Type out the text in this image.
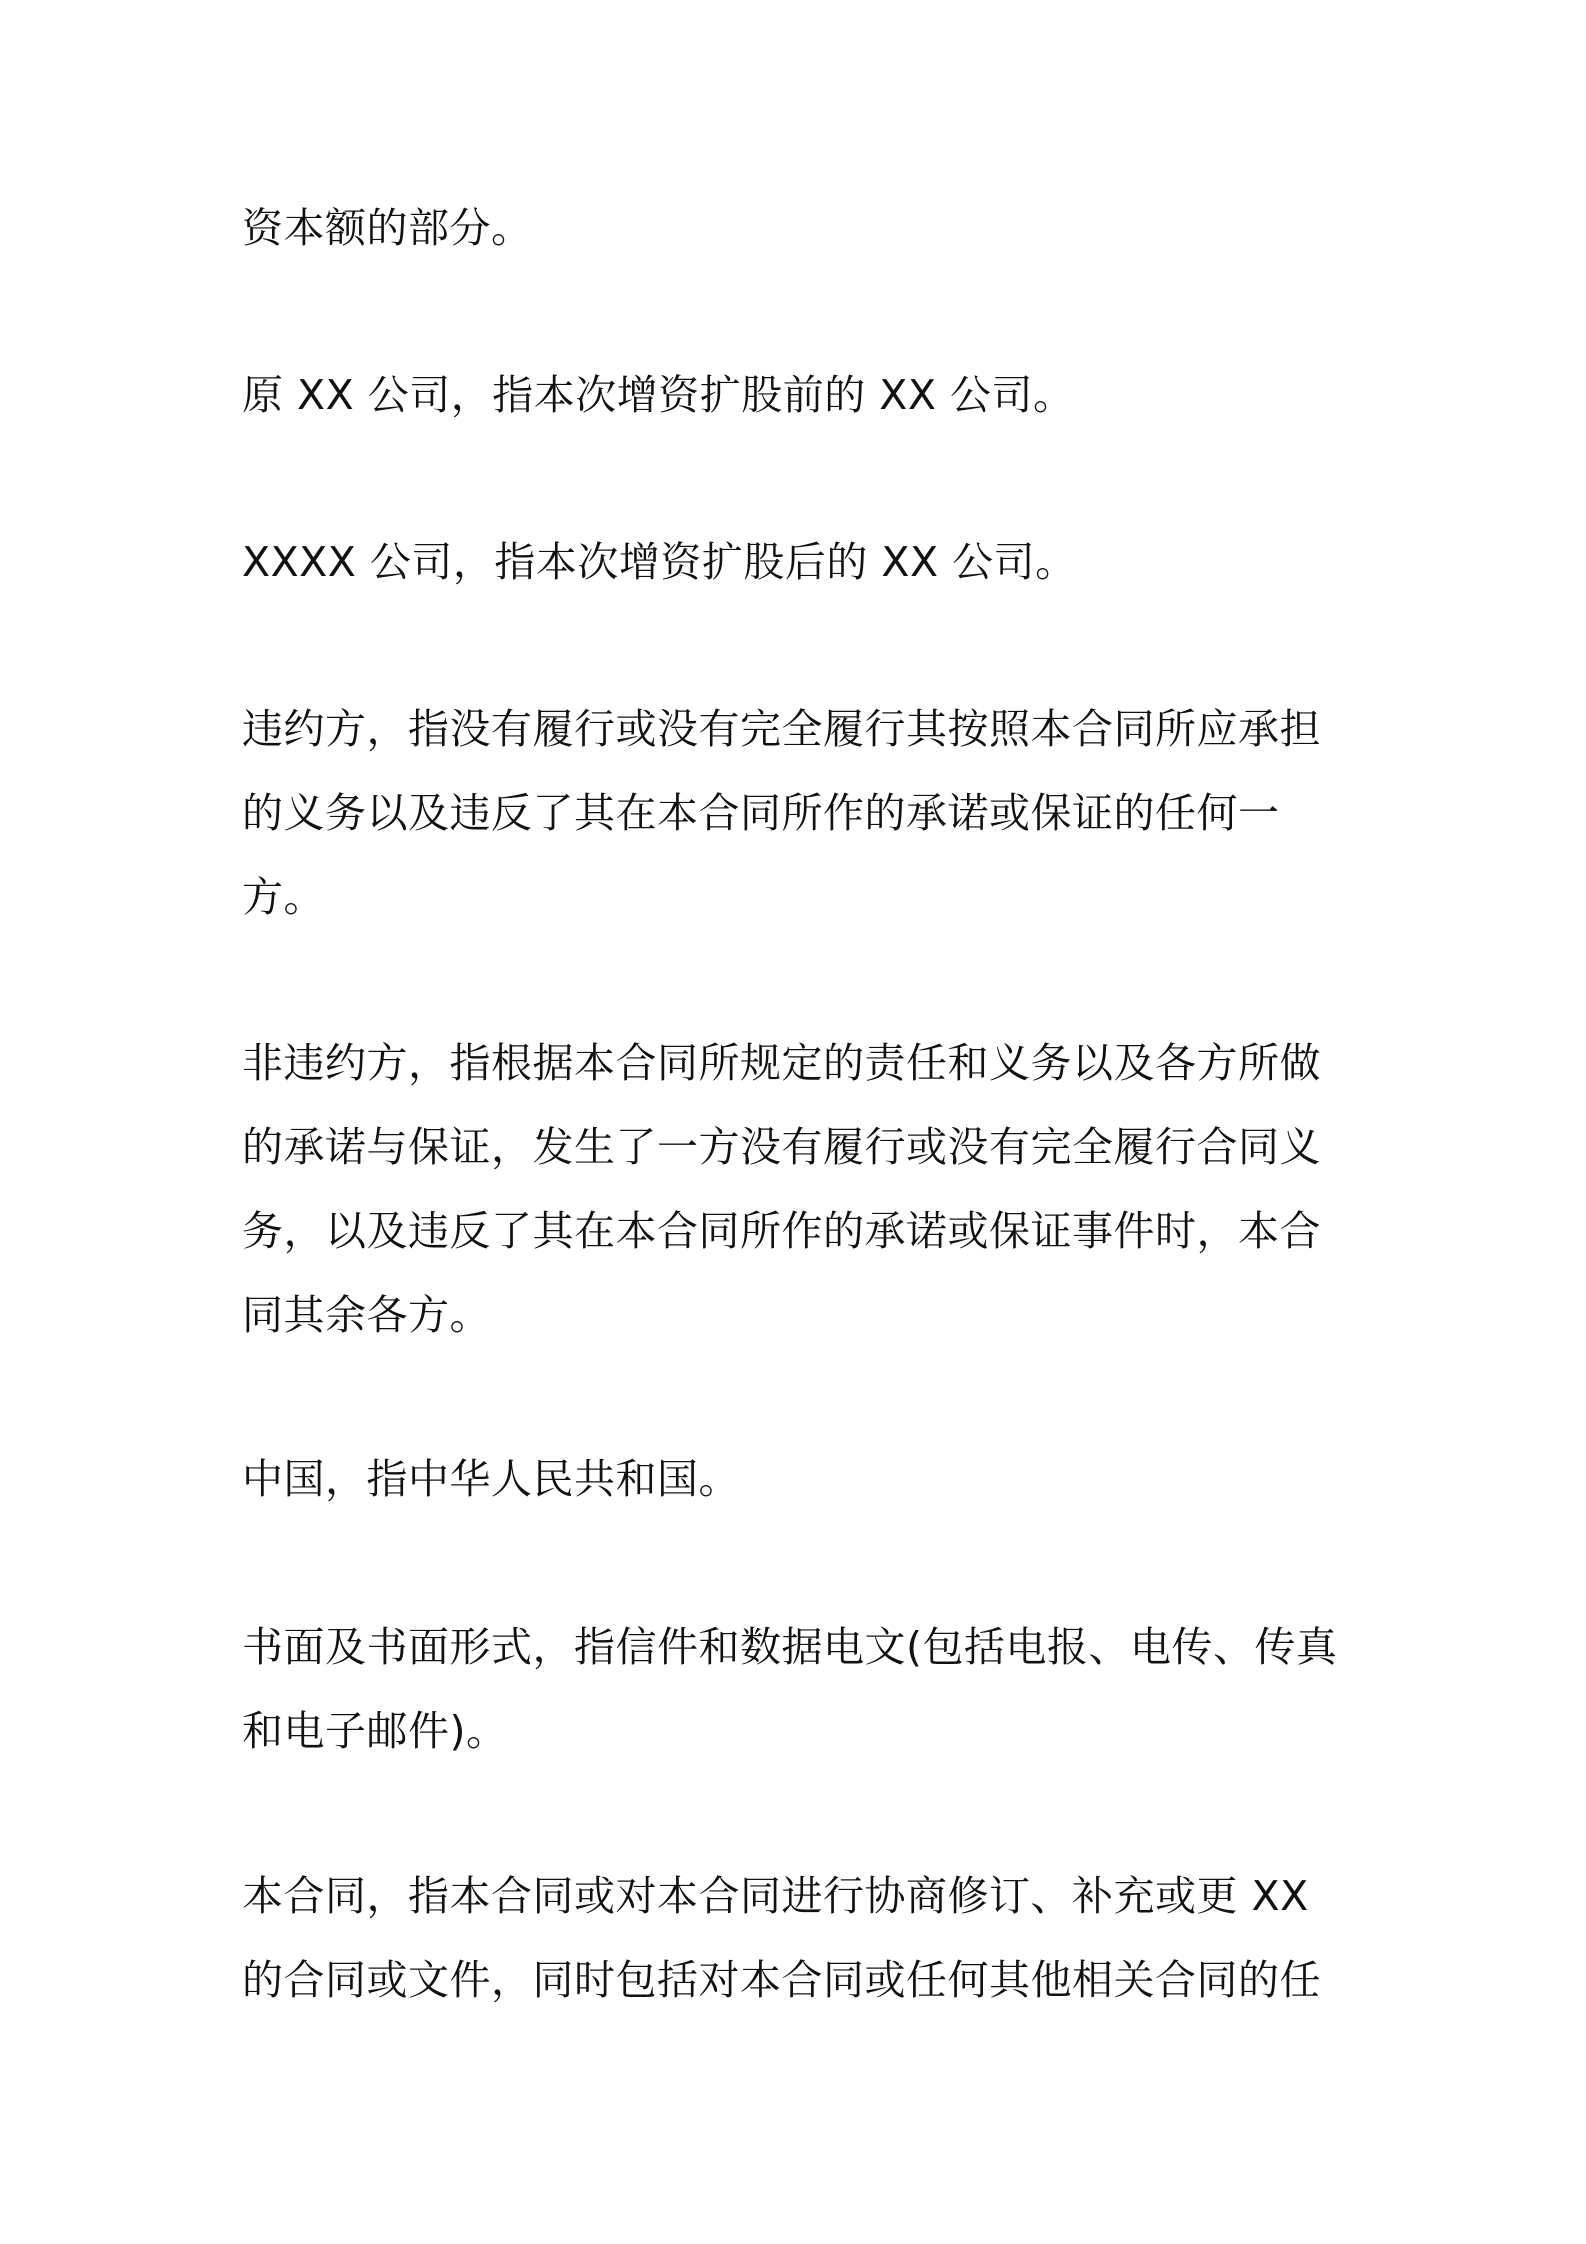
资本额的部分。

原 XX 公司，指本次增资扩股前的 XX 公司。

XXXX 公司，指本次增资扩股后的 XX 公司。

违约方，指没有履行或没有完全履行其按照本合同所应承担
的义务以及违反了其在本合同所作的承诺或保证的任何一
方。

非违约方，指根据本合同所规定的责任和义务以及各方所做
的承诺与保证，发生了一方没有履行或没有完全履行合同义
务，以及违反了其在本合同所作的承诺或保证事件时，本合
同其余各方。

中国，指中华人民共和国。

书面及书面形式，指信件和数据电文(包括电报、电传、传真
和电子邮件)。

本合同，指本合同或对本合同进行协商修订、补充或更 XX
的合同或文件，同时包括对本合同或任何其他相关合同的任
